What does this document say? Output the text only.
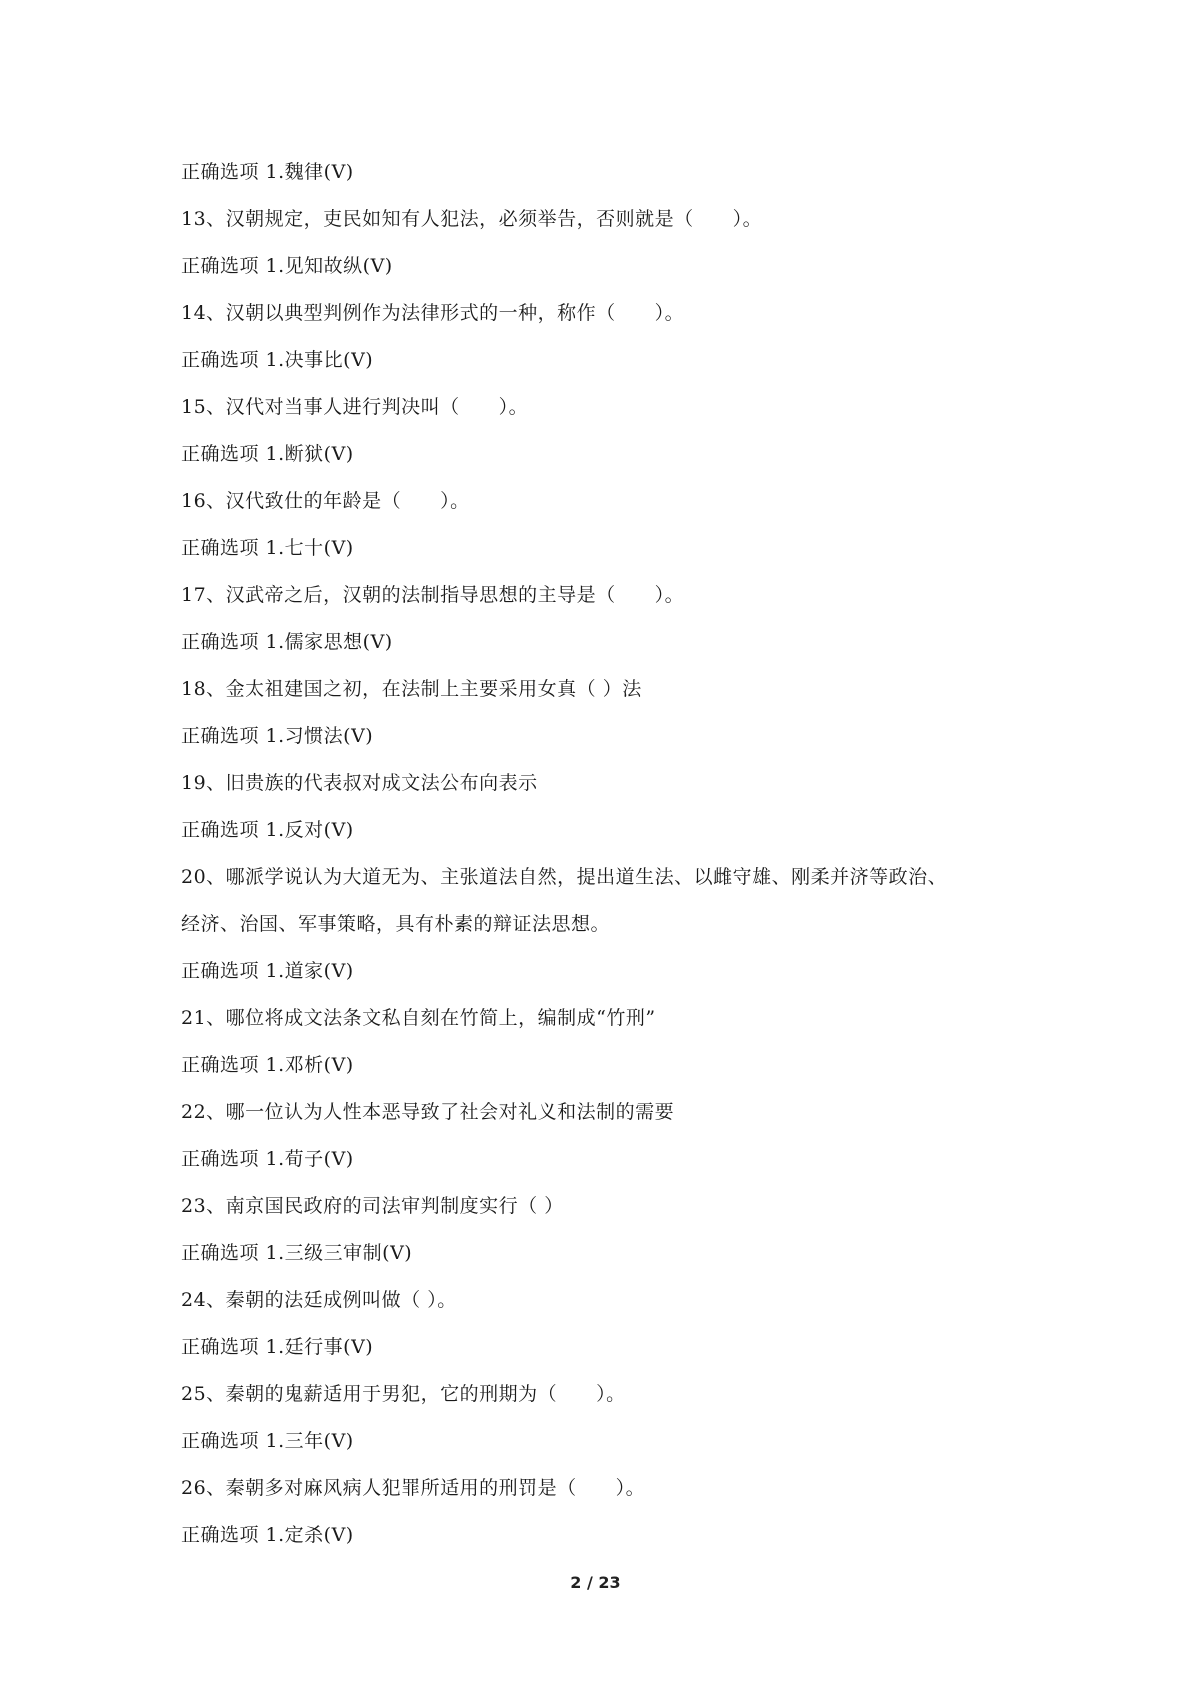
正确选项 1.魏律(V)
13、汉朝规定，吏民如知有人犯法，必须举告，否则就是（　　）。
正确选项 1.见知故纵(V)
14、汉朝以典型判例作为法律形式的一种，称作（　　）。
正确选项 1.决事比(V)
15、汉代对当事人进行判决叫（　　）。
正确选项 1.断狱(V)
16、汉代致仕的年龄是（　　）。
正确选项 1.七十(V)
17、汉武帝之后，汉朝的法制指导思想的主导是（　　）。
正确选项 1.儒家思想(V)
18、金太祖建国之初，在法制上主要采用女真（ ）法
正确选项 1.习惯法(V)
19、旧贵族的代表叔对成文法公布向表示
正确选项 1.反对(V)
20、哪派学说认为大道无为、主张道法自然，提出道生法、以雌守雄、刚柔并济等政治、
经济、治国、军事策略，具有朴素的辩证法思想。
正确选项 1.道家(V)
21、哪位将成文法条文私自刻在竹简上，编制成“竹刑”
正确选项 1.邓析(V)
22、哪一位认为人性本恶导致了社会对礼义和法制的需要
正确选项 1.荀子(V)
23、南京国民政府的司法审判制度实行（ ）
正确选项 1.三级三审制(V)
24、秦朝的法廷成例叫做（ ）。
正确选项 1.廷行事(V)
25、秦朝的鬼薪适用于男犯，它的刑期为（　　）。
正确选项 1.三年(V)
26、秦朝多对麻风病人犯罪所适用的刑罚是（　　）。
正确选项 1.定杀(V)
2 / 23
